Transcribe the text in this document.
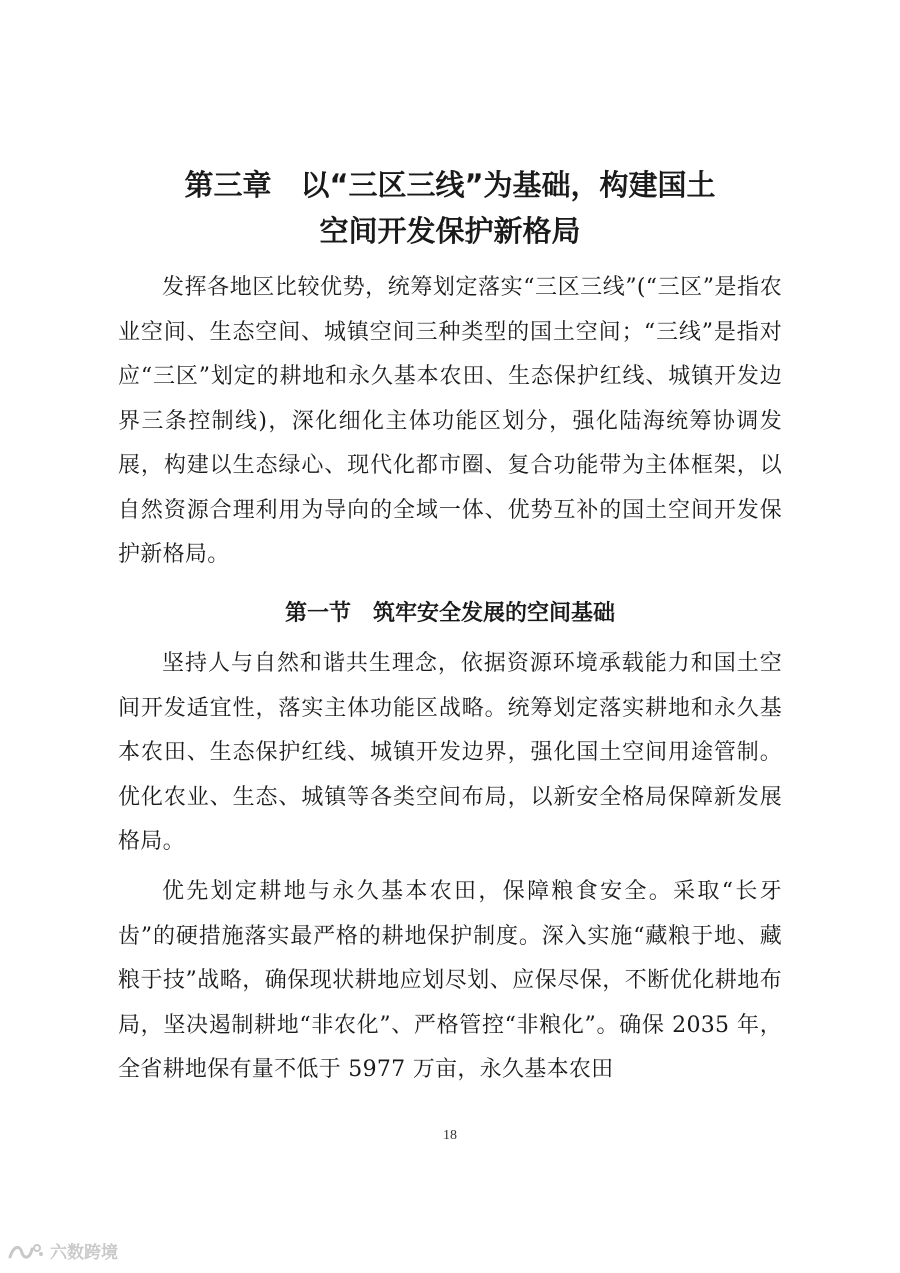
第三章　以“三区三线”为基础，构建国土
空间开发保护新格局

发挥各地区比较优势，统筹划定落实“三区三线”(“三区”是指农业空间、生态空间、城镇空间三种类型的国土空间；“三线”是指对应“三区”划定的耕地和永久基本农田、生态保护红线、城镇开发边界三条控制线)，深化细化主体功能区划分，强化陆海统筹协调发展，构建以生态绿心、现代化都市圈、复合功能带为主体框架，以自然资源合理利用为导向的全域一体、优势互补的国土空间开发保护新格局。

第一节　筑牢安全发展的空间基础

坚持人与自然和谐共生理念，依据资源环境承载能力和国土空间开发适宜性，落实主体功能区战略。统筹划定落实耕地和永久基本农田、生态保护红线、城镇开发边界，强化国土空间用途管制。优化农业、生态、城镇等各类空间布局，以新安全格局保障新发展格局。

优先划定耕地与永久基本农田，保障粮食安全。采取“长牙齿”的硬措施落实最严格的耕地保护制度。深入实施“藏粮于地、藏粮于技”战略，确保现状耕地应划尽划、应保尽保，不断优化耕地布局，坚决遏制耕地“非农化”、严格管控“非粮化”。确保 2035 年，全省耕地保有量不低于 5977 万亩，永久基本农田

18
六数跨境
